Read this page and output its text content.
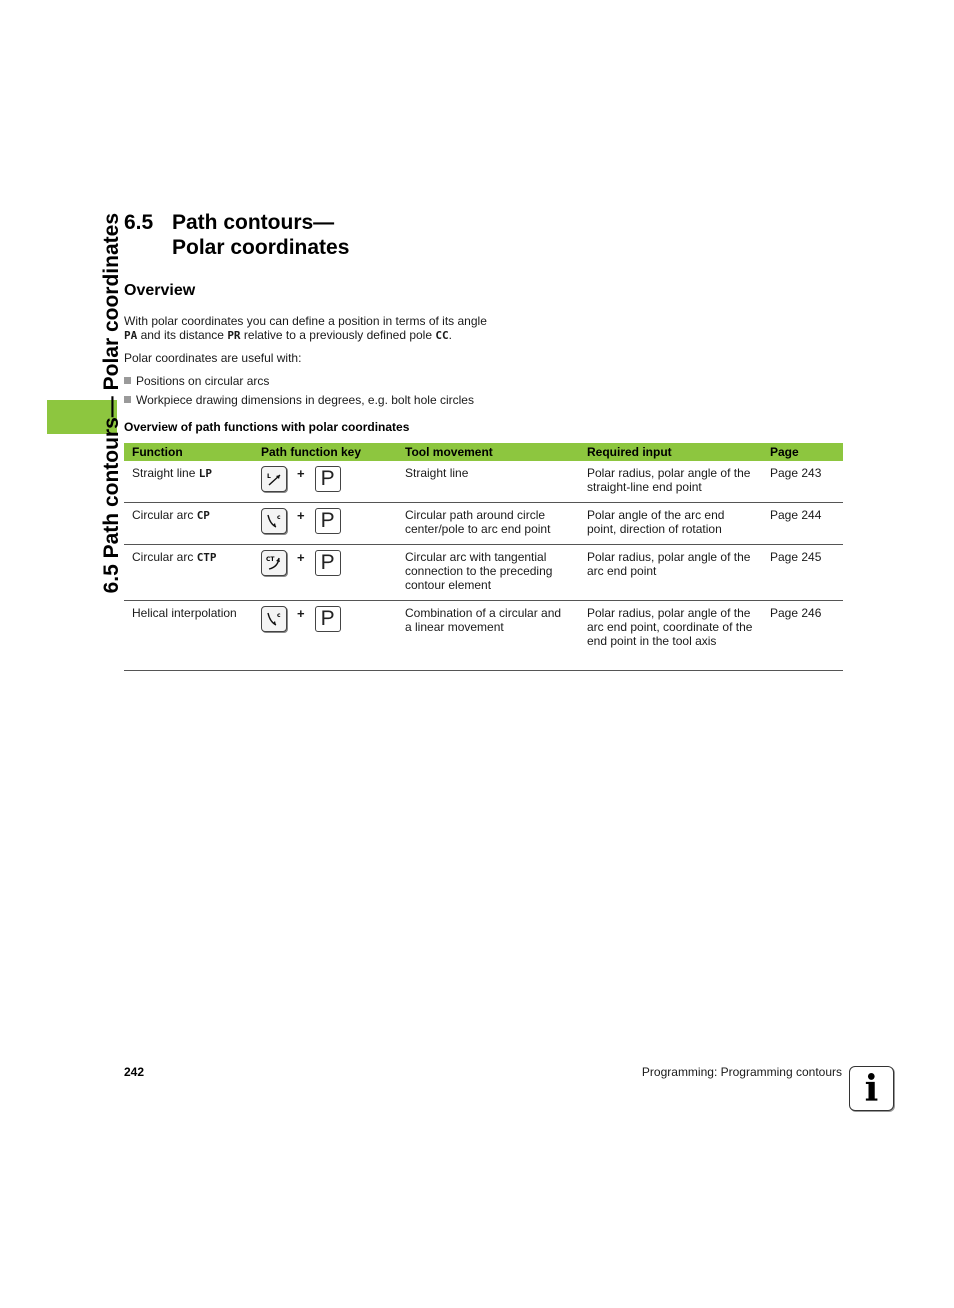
6.5 Path contours— Polar coordinates 6.5 Path contours—
Polar coordinates
Overview
With polar coordinates you can define a position in terms of its angle
PA and its distance PR relative to a previously defined pole CC.
Polar coordinates are useful with:
Positions on circular arcs
Workpiece drawing dimensions in degrees, e.g. bolt hole circles
Overview of path functions with polar coordinates
Function	Path function key	Tool movement	Required input	Page
Straight line LP	L + P	Straight line	Polar radius, polar angle of the straight-line end point	Page 243
Circular arc CP	c + P	Circular path around circle center/pole to arc end point	Polar angle of the arc end point, direction of rotation	Page 244
Circular arc CTP	CT + P	Circular arc with tangential connection to the preceding contour element	Polar radius, polar angle of the arc end point	Page 245
Helical interpolation	c + P	Combination of a circular and a linear movement	Polar radius, polar angle of the arc end point, coordinate of the end point in the tool axis	Page 246
242	Programming: Programming contours i
